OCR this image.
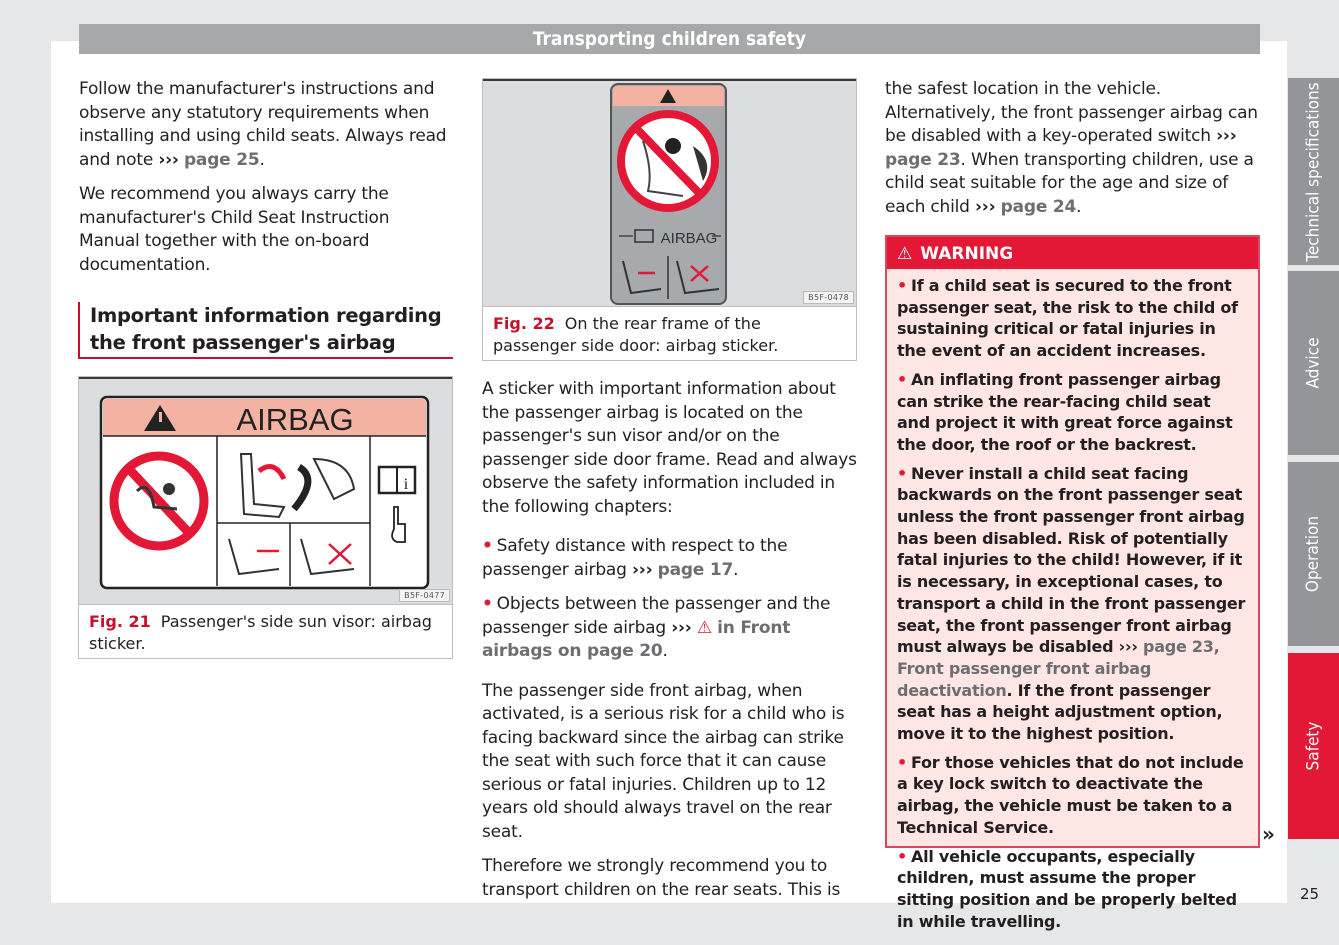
Transporting children safety

Follow the manufacturer's instructions and observe any statutory requirements when installing and using child seats. Always read and note ››› page 25.

We recommend you always carry the manufacturer's Child Seat Instruction Manual together with the on-board documentation.

Important information regarding the front passenger's airbag
AIRBAG
i
B5F-0477
Fig. 21 Passenger's side sun visor: airbag sticker.
AIRBAG
B5F-0478
Fig. 22 On the rear frame of the passenger side door: airbag sticker.

A sticker with important information about the passenger airbag is located on the passenger's sun visor and/or on the passenger side door frame. Read and always observe the safety information included in the following chapters:

• Safety distance with respect to the passenger airbag ››› page 17.

• Objects between the passenger and the passenger side airbag ››› ⚠ in Front airbags on page 20.

The passenger side front airbag, when activated, is a serious risk for a child who is facing backward since the airbag can strike the seat with such force that it can cause serious or fatal injuries. Children up to 12 years old should always travel on the rear seat.

Therefore we strongly recommend you to transport children on the rear seats. This is

the safest location in the vehicle. Alternatively, the front passenger airbag can be disabled with a key-operated switch ››› page 23. When transporting children, use a child seat suitable for the age and size of each child ››› page 24.

⚠ WARNING

• If a child seat is secured to the front passenger seat, the risk to the child of sustaining critical or fatal injuries in the event of an accident increases.

• An inflating front passenger airbag can strike the rear-facing child seat and project it with great force against the door, the roof or the backrest.

• Never install a child seat facing backwards on the front passenger seat unless the front passenger front airbag has been disabled. Risk of potentially fatal injuries to the child! However, if it is necessary, in exceptional cases, to transport a child in the front passenger seat, the front passenger front airbag must always be disabled ››› page 23, Front passenger front airbag deactivation. If the front passenger seat has a height adjustment option, move it to the highest position.

• For those vehicles that do not include a key lock switch to deactivate the airbag, the vehicle must be taken to a Technical Service.

• All vehicle occupants, especially children, must assume the proper sitting position and be properly belted in while travelling.

»
Technical specifications
Advice
Operation
Safety
25
